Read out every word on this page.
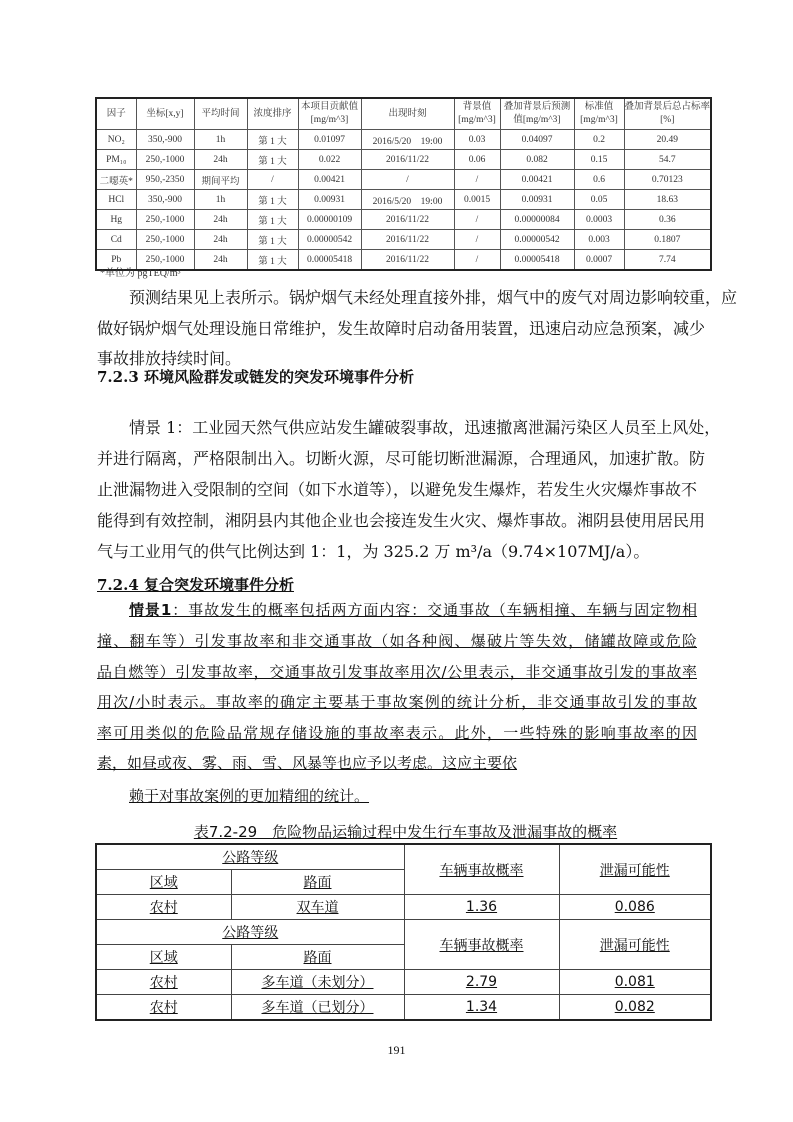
因子	坐标[x,y]	平均时间	浓度排序	本项目贡献值[mg/m^3]	出现时刻	背景值[mg/m^3]	叠加背景后预测值[mg/m^3]	标准值[mg/m^3]	叠加背景后总占标率[%]
NO₂	350,-900	1h	第 1 大	0.01097	2016/5/20　19:00	0.03	0.04097	0.2	20.49
PM₁₀	250,-1000	24h	第 1 大	0.022	2016/11/22	0.06	0.082	0.15	54.7
二噁英*	950,-2350	期间平均	/	0.00421	/	/	0.00421	0.6	0.70123
HCl	350,-900	1h	第 1 大	0.00931	2016/5/20　19:00	0.0015	0.00931	0.05	18.63
Hg	250,-1000	24h	第 1 大	0.00000109	2016/11/22	/	0.00000084	0.0003	0.36
Cd	250,-1000	24h	第 1 大	0.00000542	2016/11/22	/	0.00000542	0.003	0.1807
Pb	250,-1000	24h	第 1 大	0.00005418	2016/11/22	/	0.00005418	0.0007	7.74
*单位为 pgTEQ/m³
预测结果见上表所示。锅炉烟气未经处理直接外排，烟气中的废气对周边影响较重，应
做好锅炉烟气处理设施日常维护，发生故障时启动备用装置，迅速启动应急预案，减少
事故排放持续时间。
7.2.3 环境风险群发或链发的突发环境事件分析
情景 1：工业园天然气供应站发生罐破裂事故，迅速撤离泄漏污染区人员至上风处，
并进行隔离，严格限制出入。切断火源，尽可能切断泄漏源，合理通风，加速扩散。防
止泄漏物进入受限制的空间（如下水道等），以避免发生爆炸，若发生火灾爆炸事故不
能得到有效控制，湘阴县内其他企业也会接连发生火灾、爆炸事故。湘阴县使用居民用
气与工业用气的供气比例达到 1：1，为 325.2 万 m³/a（9.74×107MJ/a）。
7.2.4 复合突发环境事件分析
情景1：事故发生的概率包括两方面内容：交通事故（车辆相撞、车辆与固定物相
撞、翻车等）引发事故率和非交通事故（如各种阀、爆破片等失效，储罐故障或危险
品自燃等）引发事故率，交通事故引发事故率用次/公里表示，非交通事故引发的事故率
用次/小时表示。事故率的确定主要基于事故案例的统计分析，非交通事故引发的事故
率可用类似的危险品常规存储设施的事故率表示。此外，一些特殊的影响事故率的因
素，如昼或夜、雾、雨、雪、风暴等也应予以考虑。这应主要依
赖于对事故案例的更加精细的统计。
表7.2-29　危险物品运输过程中发生行车事故及泄漏事故的概率
公路等级		车辆事故概率	泄漏可能性
区域	路面		
农村	双车道	1.36	0.086
公路等级		车辆事故概率	泄漏可能性
区域	路面		
农村	多车道（未划分）	2.79	0.081
农村	多车道（已划分）	1.34	0.082
191
